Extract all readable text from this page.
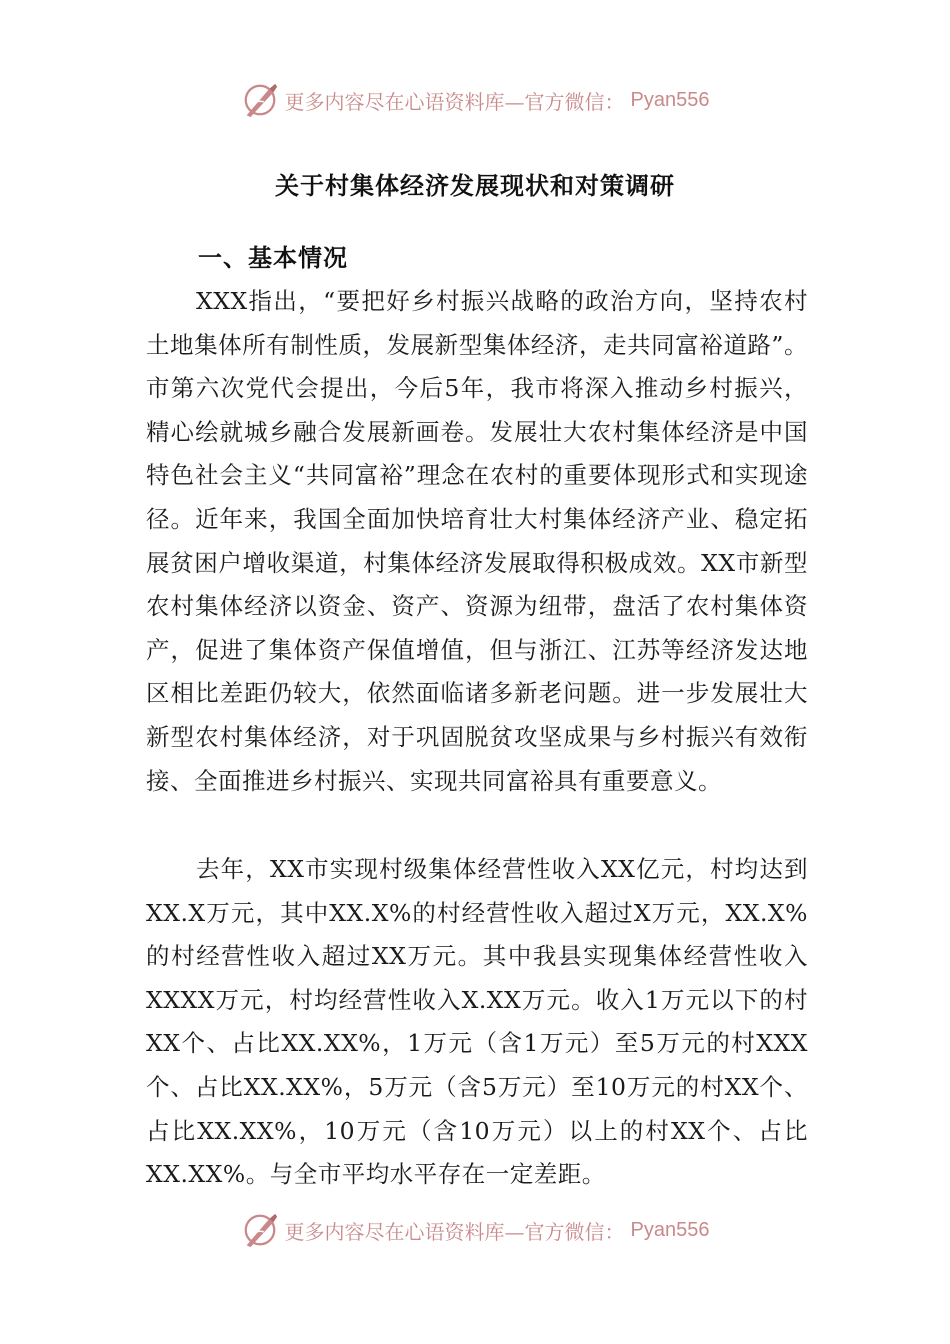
更多内容尽在心语资料库—官方微信： Pyan556
关于村集体经济发展现状和对策调研
一、基本情况

XXX指出，“要把好乡村振兴战略的政治方向，坚持农村土地集体所有制性质，发展新型集体经济，走共同富裕道路”。市第六次党代会提出，今后5年，我市将深入推动乡村振兴，精心绘就城乡融合发展新画卷。发展壮大农村集体经济是中国特色社会主义“共同富裕”理念在农村的重要体现形式和实现途径。近年来，我国全面加快培育壮大村集体经济产业、稳定拓展贫困户增收渠道，村集体经济发展取得积极成效。XX市新型农村集体经济以资金、资产、资源为纽带，盘活了农村集体资产，促进了集体资产保值增值，但与浙江、江苏等经济发达地区相比差距仍较大，依然面临诸多新老问题。进一步发展壮大新型农村集体经济，对于巩固脱贫攻坚成果与乡村振兴有效衔接、全面推进乡村振兴、实现共同富裕具有重要意义。

去年，XX市实现村级集体经营性收入XX亿元，村均达到XX.X万元，其中XX.X%的村经营性收入超过X万元，XX.X%的村经营性收入超过XX万元。其中我县实现集体经营性收入XXXX万元，村均经营性收入X.XX万元。收入1万元以下的村XX个、占比XX.XX%，1万元（含1万元）至5万元的村XXX个、占比XX.XX%，5万元（含5万元）至10万元的村XX个、占比XX.XX%，10万元（含10万元）以上的村XX个、占比XX.XX%。与全市平均水平存在一定差距。

更多内容尽在心语资料库—官方微信： Pyan556
